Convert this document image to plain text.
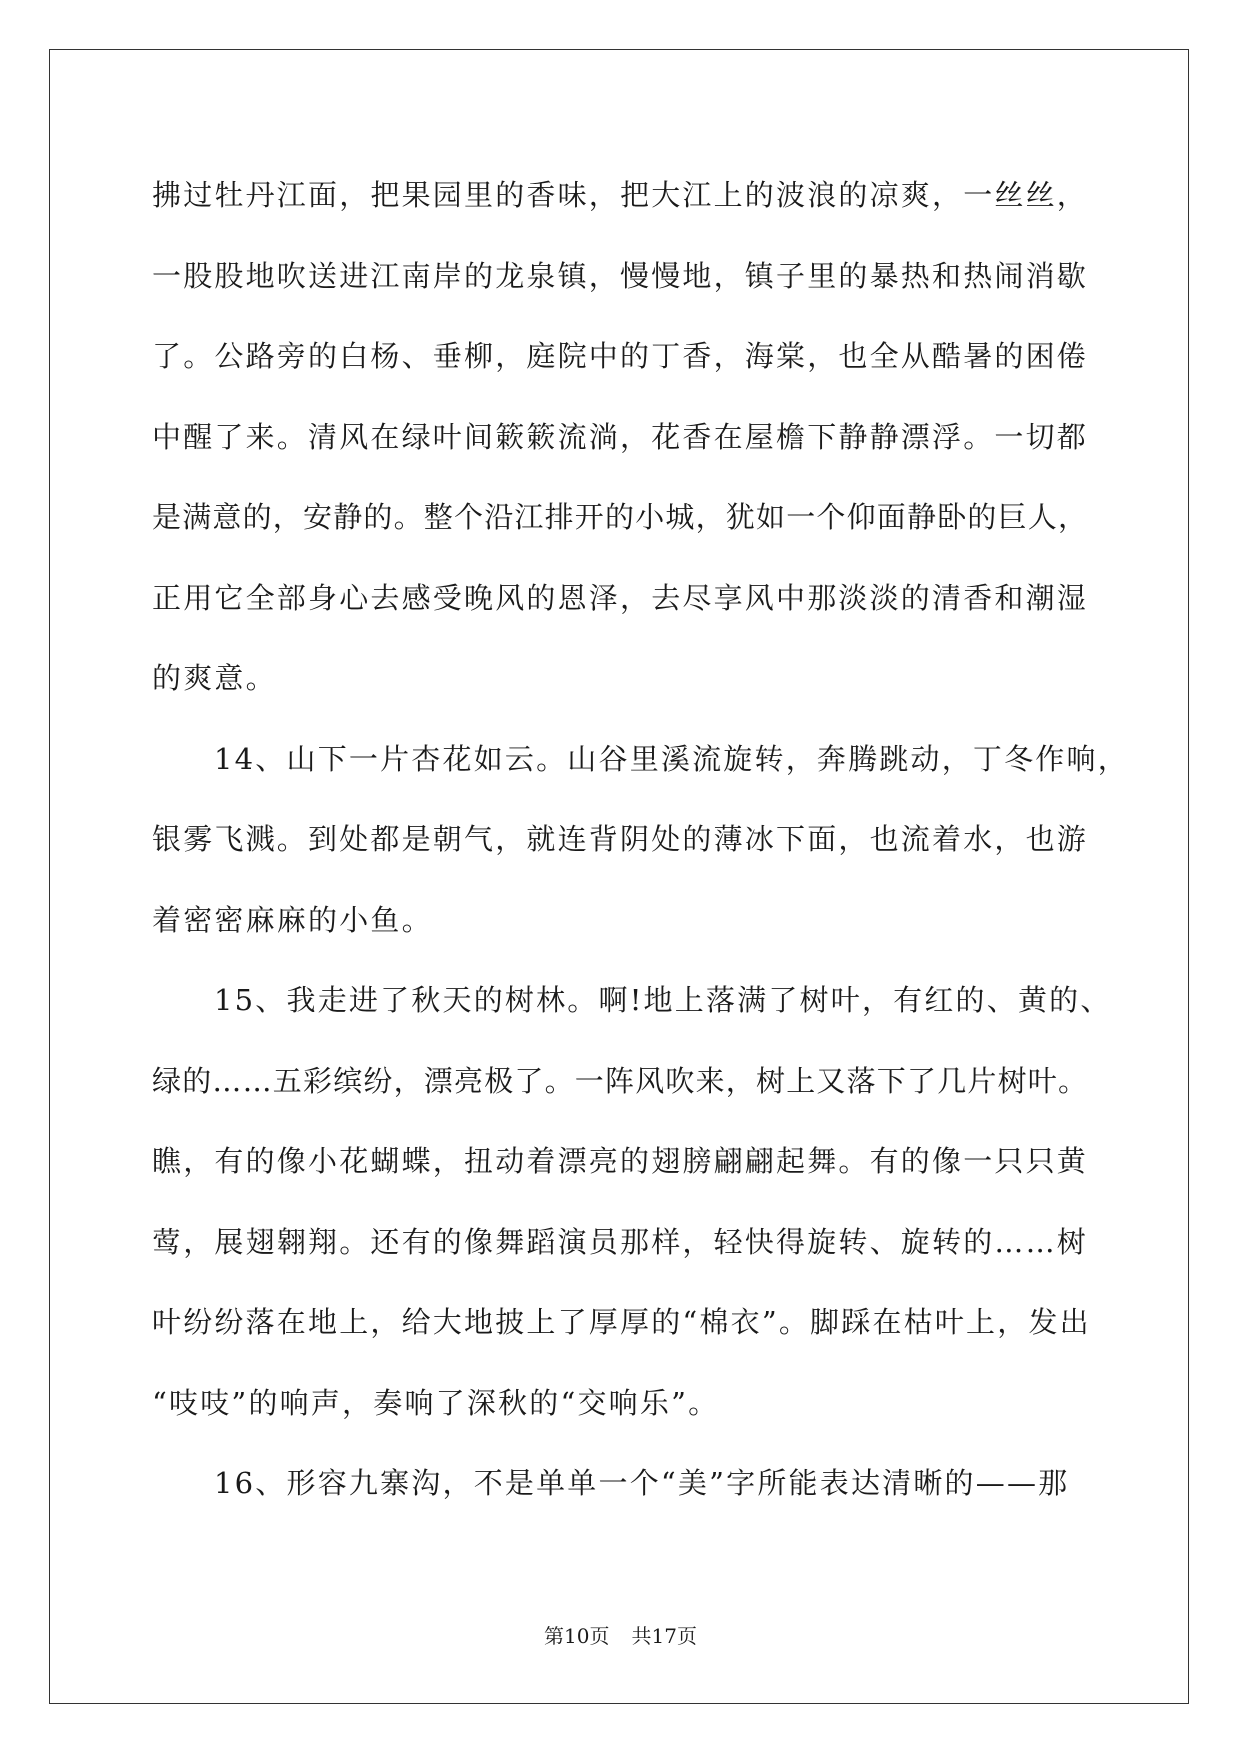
拂过牡丹江面，把果园里的香味，把大江上的波浪的凉爽，一丝丝，
一股股地吹送进江南岸的龙泉镇，慢慢地，镇子里的暴热和热闹消歇
了。公路旁的白杨、垂柳，庭院中的丁香，海棠，也全从酷暑的困倦
中醒了来。清风在绿叶间簌簌流淌，花香在屋檐下静静漂浮。一切都
是满意的，安静的。整个沿江排开的小城，犹如一个仰面静卧的巨人，
正用它全部身心去感受晚风的恩泽，去尽享风中那淡淡的清香和潮湿
的爽意。
14、山下一片杏花如云。山谷里溪流旋转，奔腾跳动，丁冬作响，
银雾飞溅。到处都是朝气，就连背阴处的薄冰下面，也流着水，也游
着密密麻麻的小鱼。
15、我走进了秋天的树林。啊!地上落满了树叶，有红的、黄的、
绿的……五彩缤纷，漂亮极了。一阵风吹来，树上又落下了几片树叶。
瞧，有的像小花蝴蝶，扭动着漂亮的翅膀翩翩起舞。有的像一只只黄
莺，展翅翱翔。还有的像舞蹈演员那样，轻快得旋转、旋转的……树
叶纷纷落在地上，给大地披上了厚厚的“棉衣”。脚踩在枯叶上，发出
“吱吱”的响声，奏响了深秋的“交响乐”。
16、形容九寨沟，不是单单一个“美”字所能表达清晰的——那
第10页 共17页
